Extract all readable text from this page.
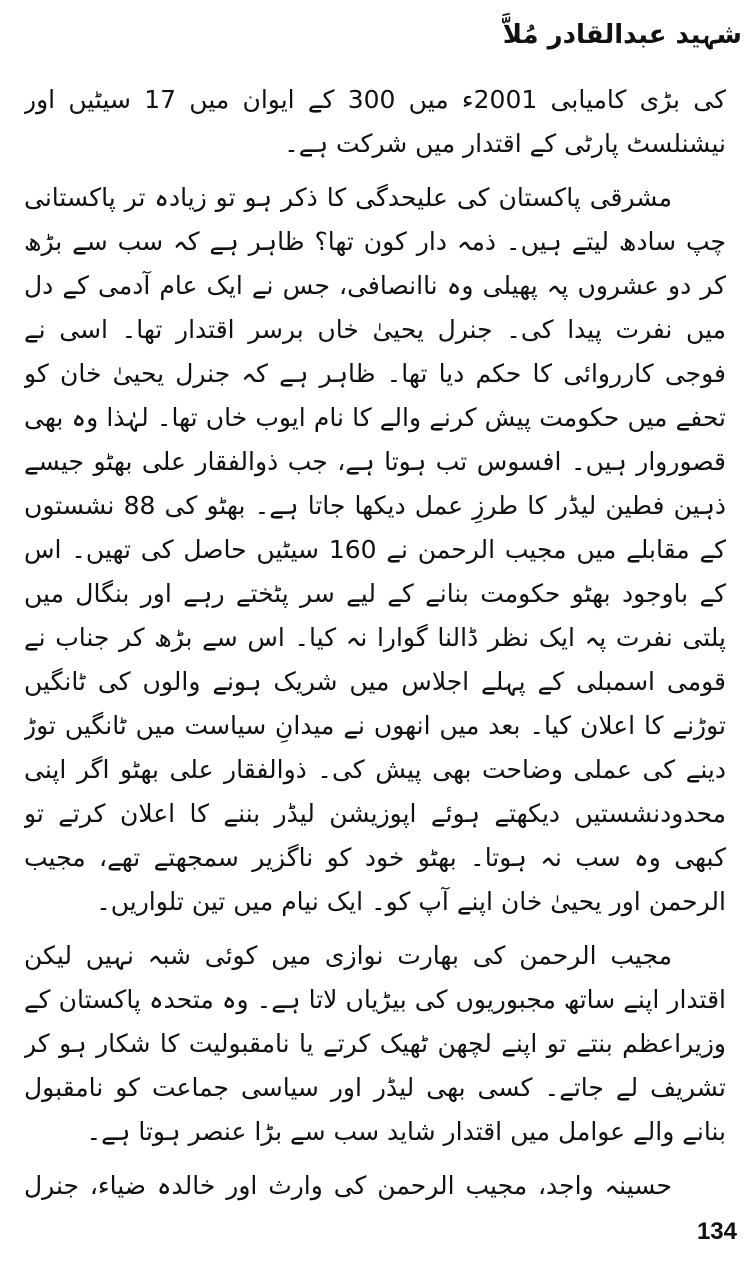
شہید عبدالقادر مُلاَّ

کی بڑی کامیابی 2001ء میں 300 کے ایوان میں 17 سیٹیں اور نیشنلسٹ پارٹی کے اقتدار میں شرکت ہے۔

مشرقی پاکستان کی علیحدگی کا ذکر ہو تو زیادہ تر پاکستانی چپ سادھ لیتے ہیں۔ ذمہ دار کون تھا؟ ظاہر ہے کہ سب سے بڑھ کر دو عشروں پہ پھیلی وہ ناانصافی، جس نے ایک عام آدمی کے دل میں نفرت پیدا کی۔ جنرل یحییٰ خاں برسر اقتدار تھا۔ اسی نے فوجی کارروائی کا حکم دیا تھا۔ ظاہر ہے کہ جنرل یحییٰ خان کو تحفے میں حکومت پیش کرنے والے کا نام ایوب خاں تھا۔ لہٰذا وہ بھی قصوروار ہیں۔ افسوس تب ہوتا ہے، جب ذوالفقار علی بھٹو جیسے ذہین فطین لیڈر کا طرزِ عمل دیکھا جاتا ہے۔ بھٹو کی 88 نشستوں کے مقابلے میں مجیب الرحمن نے 160 سیٹیں حاصل کی تھیں۔ اس کے باوجود بھٹو حکومت بنانے کے لیے سر پٹختے رہے اور بنگال میں پلتی نفرت پہ ایک نظر ڈالنا گوارا نہ کیا۔ اس سے بڑھ کر جناب نے قومی اسمبلی کے پہلے اجلاس میں شریک ہونے والوں کی ٹانگیں توڑنے کا اعلان کیا۔ بعد میں انھوں نے میدانِ سیاست میں ٹانگیں توڑ دینے کی عملی وضاحت بھی پیش کی۔ ذوالفقار علی بھٹو اگر اپنی محدودنشستیں دیکھتے ہوئے اپوزیشن لیڈر بننے کا اعلان کرتے تو کبھی وہ سب نہ ہوتا۔ بھٹو خود کو ناگزیر سمجھتے تھے، مجیب الرحمن اور یحییٰ خان اپنے آپ کو۔ ایک نیام میں تین تلواریں۔

مجیب الرحمن کی بھارت نوازی میں کوئی شبہ نہیں لیکن اقتدار اپنے ساتھ مجبوریوں کی بیڑیاں لاتا ہے۔ وہ متحدہ پاکستان کے وزیراعظم بنتے تو اپنے لچھن ٹھیک کرتے یا نامقبولیت کا شکار ہو کر تشریف لے جاتے۔ کسی بھی لیڈر اور سیاسی جماعت کو نامقبول بنانے والے عوامل میں اقتدار شاید سب سے بڑا عنصر ہوتا ہے۔

حسینہ واجد، مجیب الرحمن کی وارث اور خالدہ ضیاء، جنرل

134
